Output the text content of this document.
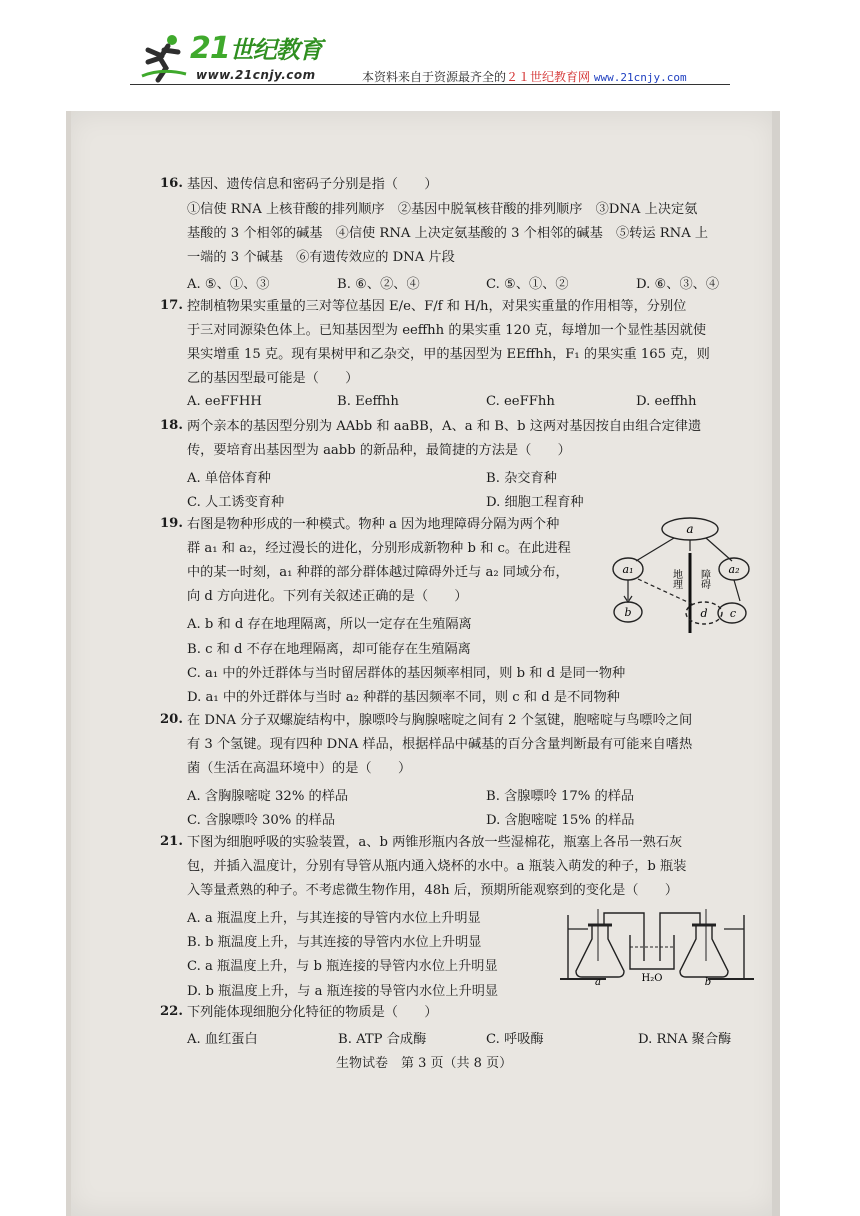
21世纪教育
www.21cnjy.com	本资料来自于资源最齐全的２１世纪教育网 www.21cnjy.com
16. 基因、遗传信息和密码子分别是指（　　）
①信使 RNA 上核苷酸的排列顺序　②基因中脱氧核苷酸的排列顺序　③DNA 上决定氨
基酸的 3 个相邻的碱基　④信使 RNA 上决定氨基酸的 3 个相邻的碱基　⑤转运 RNA 上
一端的 3 个碱基　⑥有遗传效应的 DNA 片段
A. ⑤、①、③	B. ⑥、②、④	C. ⑤、①、②	D. ⑥、③、④
17. 控制植物果实重量的三对等位基因 E/e、F/f 和 H/h，对果实重量的作用相等，分别位
于三对同源染色体上。已知基因型为 eeffhh 的果实重 120 克，每增加一个显性基因就使
果实增重 15 克。现有果树甲和乙杂交，甲的基因型为 EEffhh，F₁ 的果实重 165 克，则
乙的基因型最可能是（　　）
A. eeFFHH	B. Eeffhh	C. eeFFhh	D. eeffhh
18. 两个亲本的基因型分别为 AAbb 和 aaBB，A、a 和 B、b 这两对基因按自由组合定律遗
传，要培育出基因型为 aabb 的新品种，最简捷的方法是（　　）
A. 单倍体育种	B. 杂交育种
C. 人工诱变育种	D. 细胞工程育种
19. 右图是物种形成的一种模式。物种 a 因为地理障碍分隔为两个种
群 a₁ 和 a₂，经过漫长的进化，分别形成新物种 b 和 c。在此进程
中的某一时刻，a₁ 种群的部分群体越过障碍外迁与 a₂ 同域分布，
向 d 方向进化。下列有关叙述正确的是（　　）
A. b 和 d 存在地理隔离，所以一定存在生殖隔离
B. c 和 d 不存在地理隔离，却可能存在生殖隔离
C. a₁ 中的外迁群体与当时留居群体的基因频率相同，则 b 和 d 是同一物种
D. a₁ 中的外迁群体与当时 a₂ 种群的基因频率不同，则 c 和 d 是不同物种
a
地理 障碍
a₁	a₂
b	d c
20. 在 DNA 分子双螺旋结构中，腺嘌呤与胸腺嘧啶之间有 2 个氢键，胞嘧啶与鸟嘌呤之间
有 3 个氢键。现有四种 DNA 样品，根据样品中碱基的百分含量判断最有可能来自嗜热
菌（生活在高温环境中）的是（　　）
A. 含胸腺嘧啶 32% 的样品	B. 含腺嘌呤 17% 的样品
C. 含腺嘌呤 30% 的样品	D. 含胞嘧啶 15% 的样品
21. 下图为细胞呼吸的实验装置，a、b 两锥形瓶内各放一些湿棉花，瓶塞上各吊一熟石灰
包，并插入温度计，分别有导管从瓶内通入烧杯的水中。a 瓶装入萌发的种子，b 瓶装
入等量煮熟的种子。不考虑微生物作用，48h 后，预期所能观察到的变化是（　　）
A. a 瓶温度上升，与其连接的导管内水位上升明显
B. b 瓶温度上升，与其连接的导管内水位上升明显
C. a 瓶温度上升，与 b 瓶连接的导管内水位上升明显
D. b 瓶温度上升，与 a 瓶连接的导管内水位上升明显
a	H₂O	b
22. 下列能体现细胞分化特征的物质是（　　）
A. 血红蛋白	B. ATP 合成酶	C. 呼吸酶	D. RNA 聚合酶
生物试卷　第 3 页（共 8 页）
